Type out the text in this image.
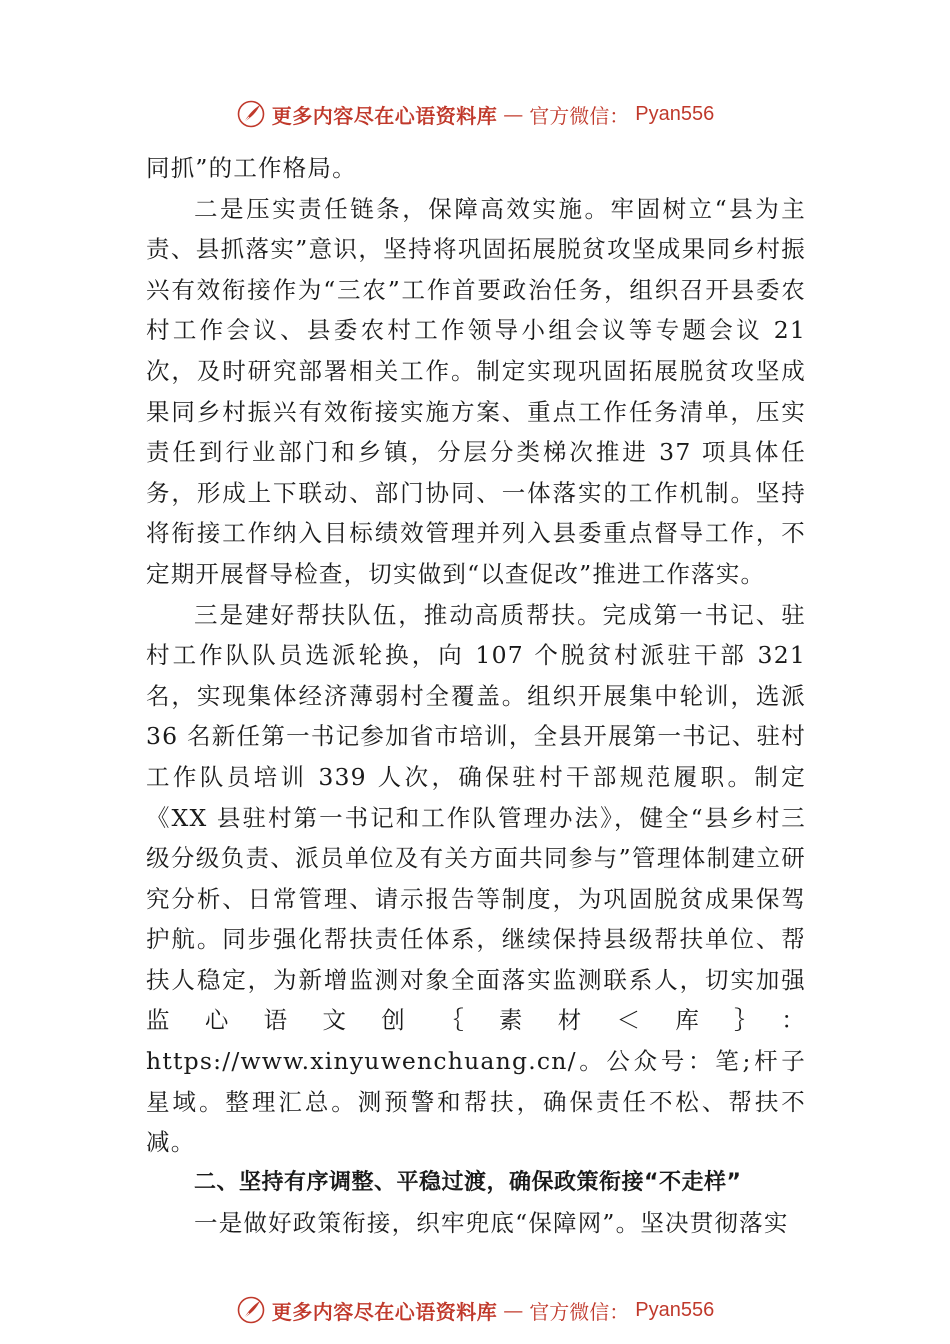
更多内容尽在心语资料库 — 官方微信： Pyan556

同抓”的工作格局。

二是压实责任链条，保障高效实施。牢固树立“县为主责、县抓落实”意识，坚持将巩固拓展脱贫攻坚成果同乡村振兴有效衔接作为“三农”工作首要政治任务，组织召开县委农村工作会议、县委农村工作领导小组会议等专题会议 21 次，及时研究部署相关工作。制定实现巩固拓展脱贫攻坚成果同乡村振兴有效衔接实施方案、重点工作任务清单，压实责任到行业部门和乡镇，分层分类梯次推进 37 项具体任务，形成上下联动、部门协同、一体落实的工作机制。坚持将衔接工作纳入目标绩效管理并列入县委重点督导工作，不定期开展督导检查，切实做到“以查促改”推进工作落实。

三是建好帮扶队伍，推动高质帮扶。完成第一书记、驻村工作队队员选派轮换，向 107 个脱贫村派驻干部 321 名，实现集体经济薄弱村全覆盖。组织开展集中轮训，选派 36 名新任第一书记参加省市培训，全县开展第一书记、驻村工作队员培训 339 人次，确保驻村干部规范履职。制定《XX 县驻村第一书记和工作队管理办法》，健全“县乡村三级分级负责、派员单位及有关方面共同参与”管理体制建立研究分析、日常管理、请示报告等制度，为巩固脱贫成果保驾护航。同步强化帮扶责任体系，继续保持县级帮扶单位、帮扶人稳定，为新增监测对象全面落实监测联系人，切实加强监心语文创｛素材＜库｝：https://www.xinyuwenchuang.cn/。公众号：笔;杆子星域。整理汇总。测预警和帮扶，确保责任不松、帮扶不减。

二、坚持有序调整、平稳过渡，确保政策衔接“不走样”

一是做好政策衔接，织牢兜底“保障网”。坚决贯彻落实

更多内容尽在心语资料库 — 官方微信： Pyan556
